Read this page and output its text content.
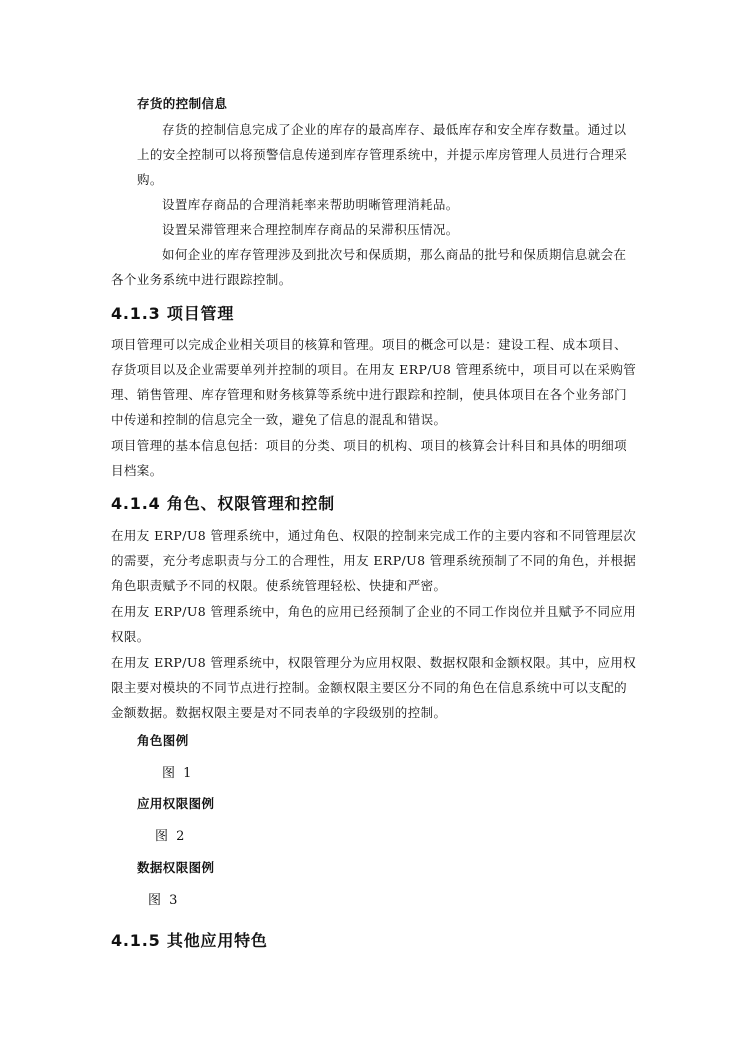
存货的控制信息
存货的控制信息完成了企业的库存的最高库存、最低库存和安全库存数量。通过以
上的安全控制可以将预警信息传递到库存管理系统中，并提示库房管理人员进行合理采
购。
设置库存商品的合理消耗率来帮助明晰管理消耗品。
设置呆滞管理来合理控制库存商品的呆滞积压情况。
如何企业的库存管理涉及到批次号和保质期，那么商品的批号和保质期信息就会在
各个业务系统中进行跟踪控制。
4.1.3 项目管理
项目管理可以完成企业相关项目的核算和管理。项目的概念可以是：建设工程、成本项目、
存货项目以及企业需要单列并控制的项目。在用友 ERP/U8 管理系统中，项目可以在采购管
理、销售管理、库存管理和财务核算等系统中进行跟踪和控制，使具体项目在各个业务部门
中传递和控制的信息完全一致，避免了信息的混乱和错误。
项目管理的基本信息包括：项目的分类、项目的机构、项目的核算会计科目和具体的明细项
目档案。
4.1.4 角色、权限管理和控制
在用友 ERP/U8 管理系统中，通过角色、权限的控制来完成工作的主要内容和不同管理层次
的需要，充分考虑职责与分工的合理性，用友 ERP/U8 管理系统预制了不同的角色，并根据
角色职责赋予不同的权限。使系统管理轻松、快捷和严密。
在用友 ERP/U8 管理系统中，角色的应用已经预制了企业的不同工作岗位并且赋予不同应用
权限。
在用友 ERP/U8 管理系统中，权限管理分为应用权限、数据权限和金额权限。其中，应用权
限主要对模块的不同节点进行控制。金额权限主要区分不同的角色在信息系统中可以支配的
金额数据。数据权限主要是对不同表单的字段级别的控制。
角色图例
图 1
应用权限图例
图 2
数据权限图例
图 3
4.1.5 其他应用特色
